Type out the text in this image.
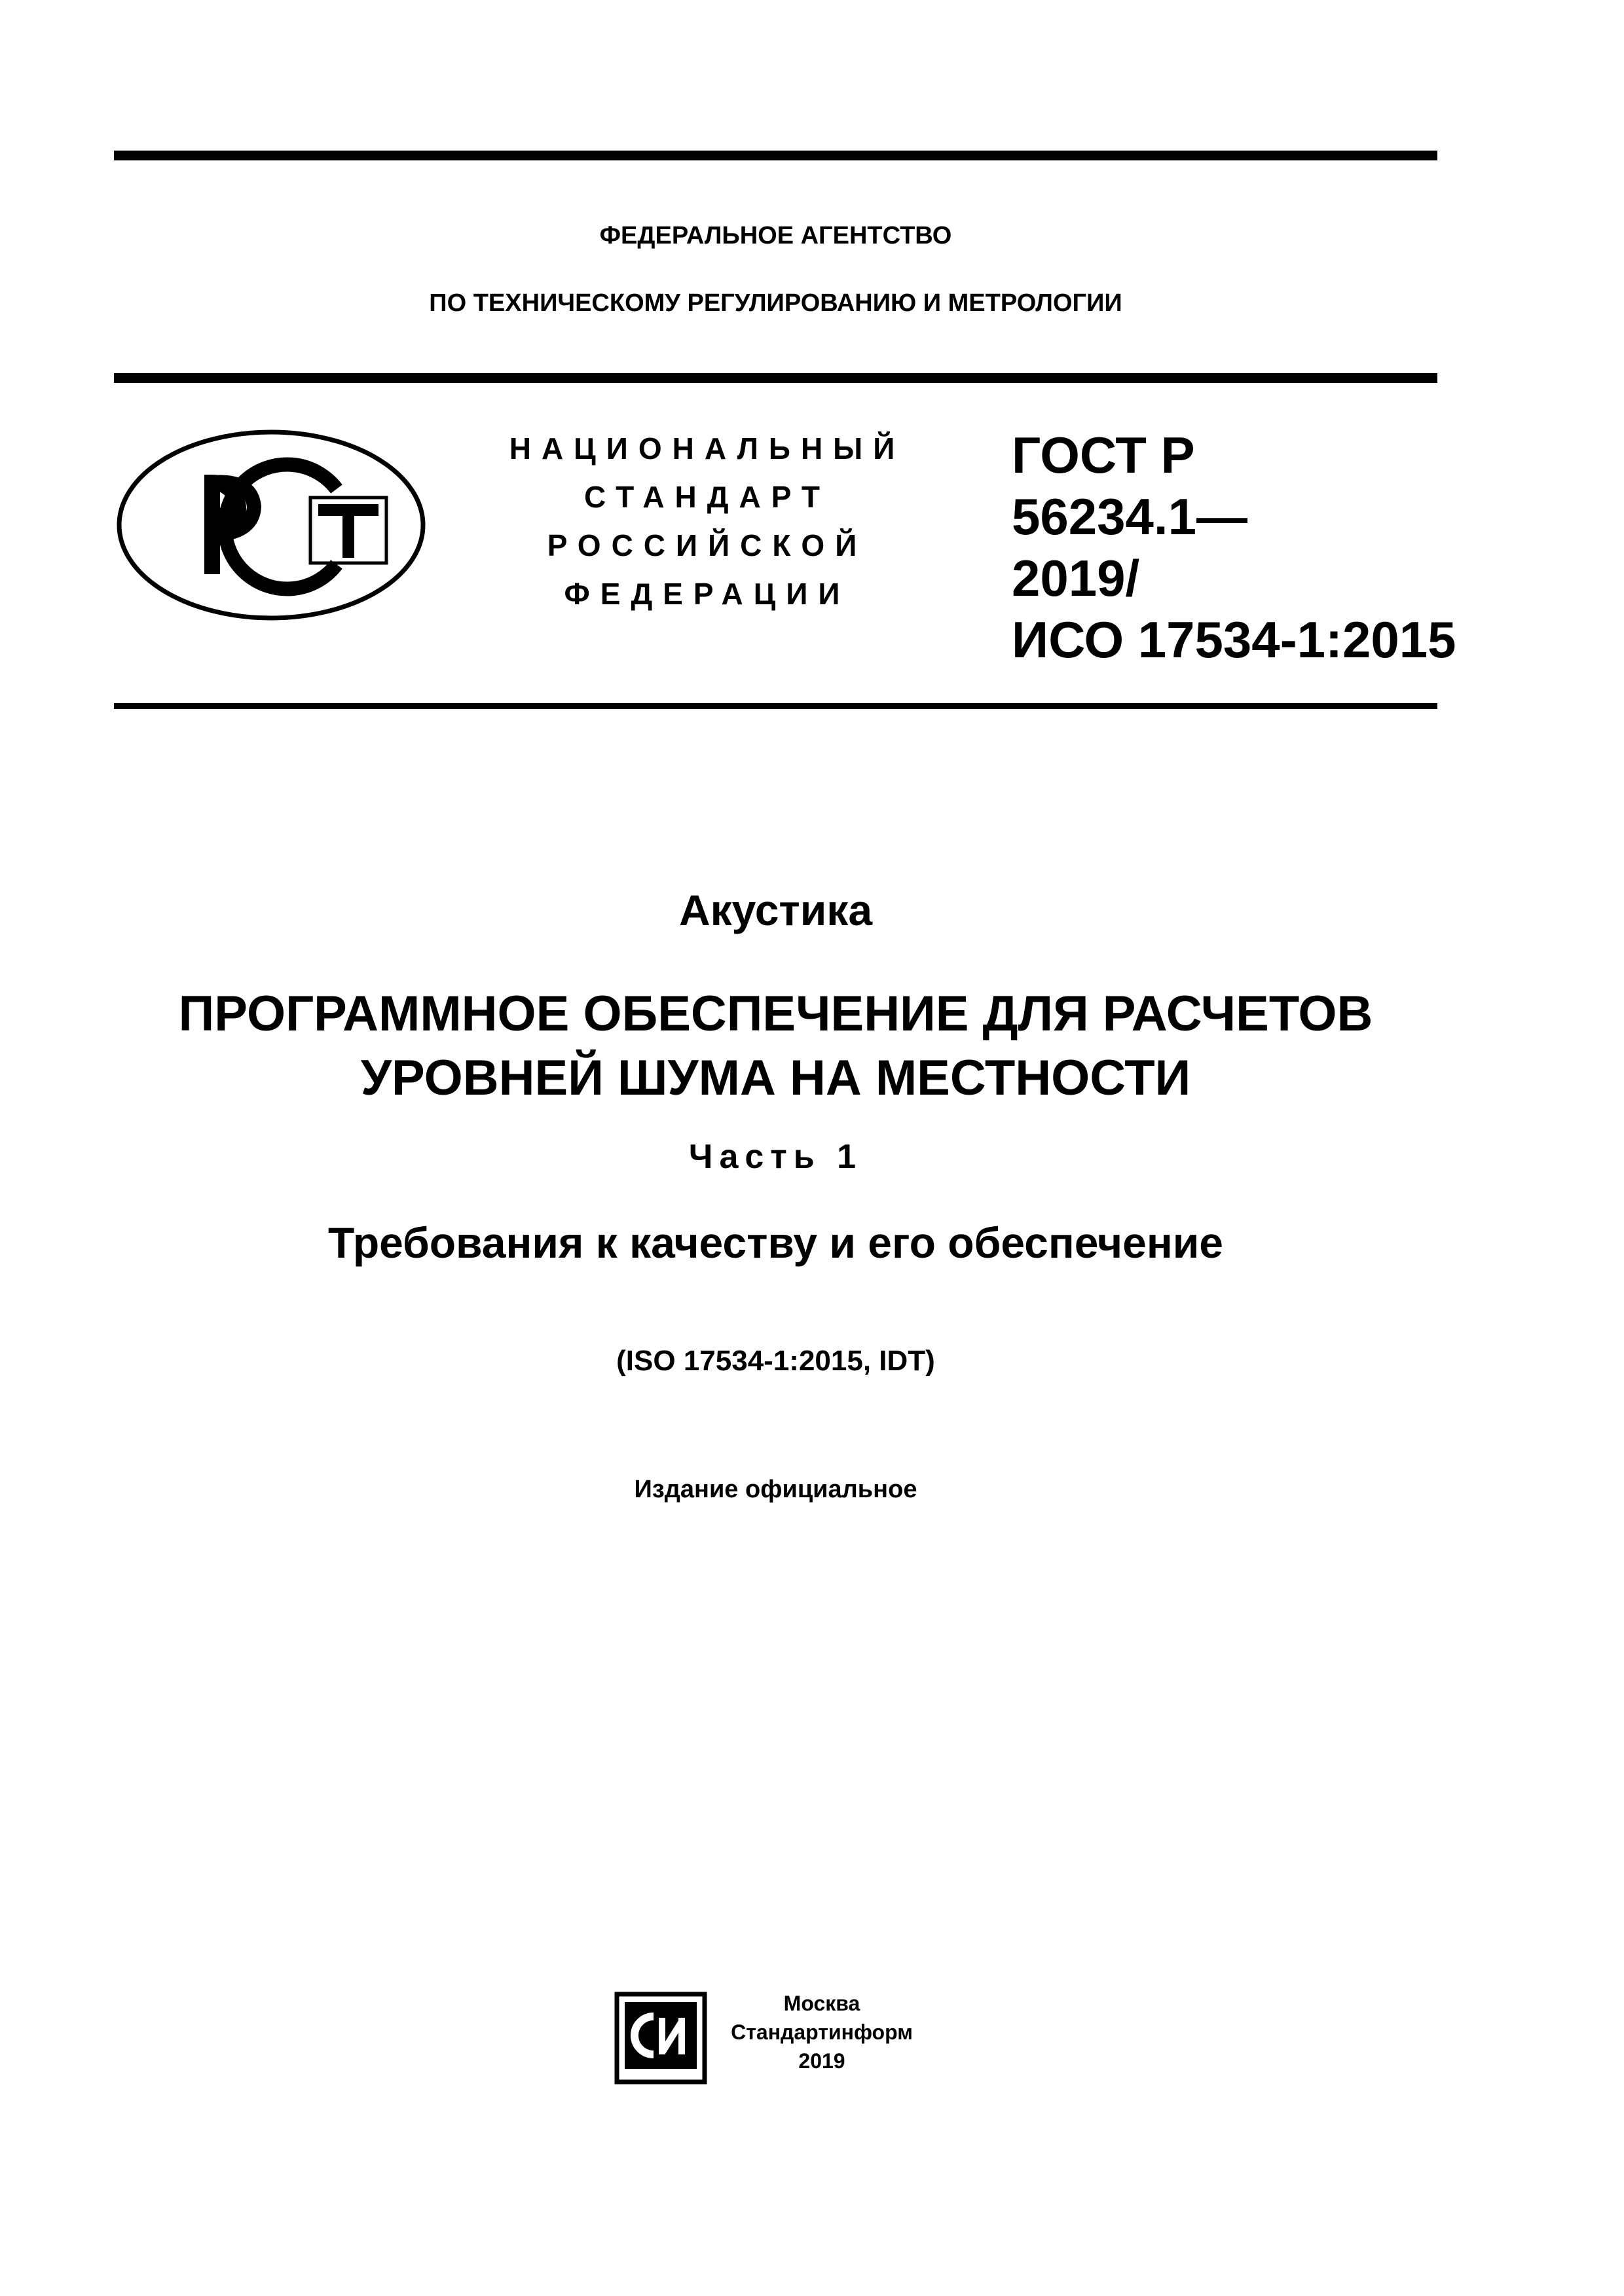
ФЕДЕРАЛЬНОЕ АГЕНТСТВО
ПО ТЕХНИЧЕСКОМУ РЕГУЛИРОВАНИЮ И МЕТРОЛОГИИ
НАЦИОНАЛЬНЫЙ
СТАНДАРТ
РОССИЙСКОЙ
ФЕДЕРАЦИИ
ГОСТ Р
56234.1—
2019/
ИСО 17534-1:2015
Акустика
ПРОГРАММНОЕ ОБЕСПЕЧЕНИЕ ДЛЯ РАСЧЕТОВ
УРОВНЕЙ ШУМА НА МЕСТНОСТИ
Часть 1
Требования к качеству и его обеспечение
(ISO 17534-1:2015, IDT)
Издание официальное
Москва
Стандартинформ
2019
